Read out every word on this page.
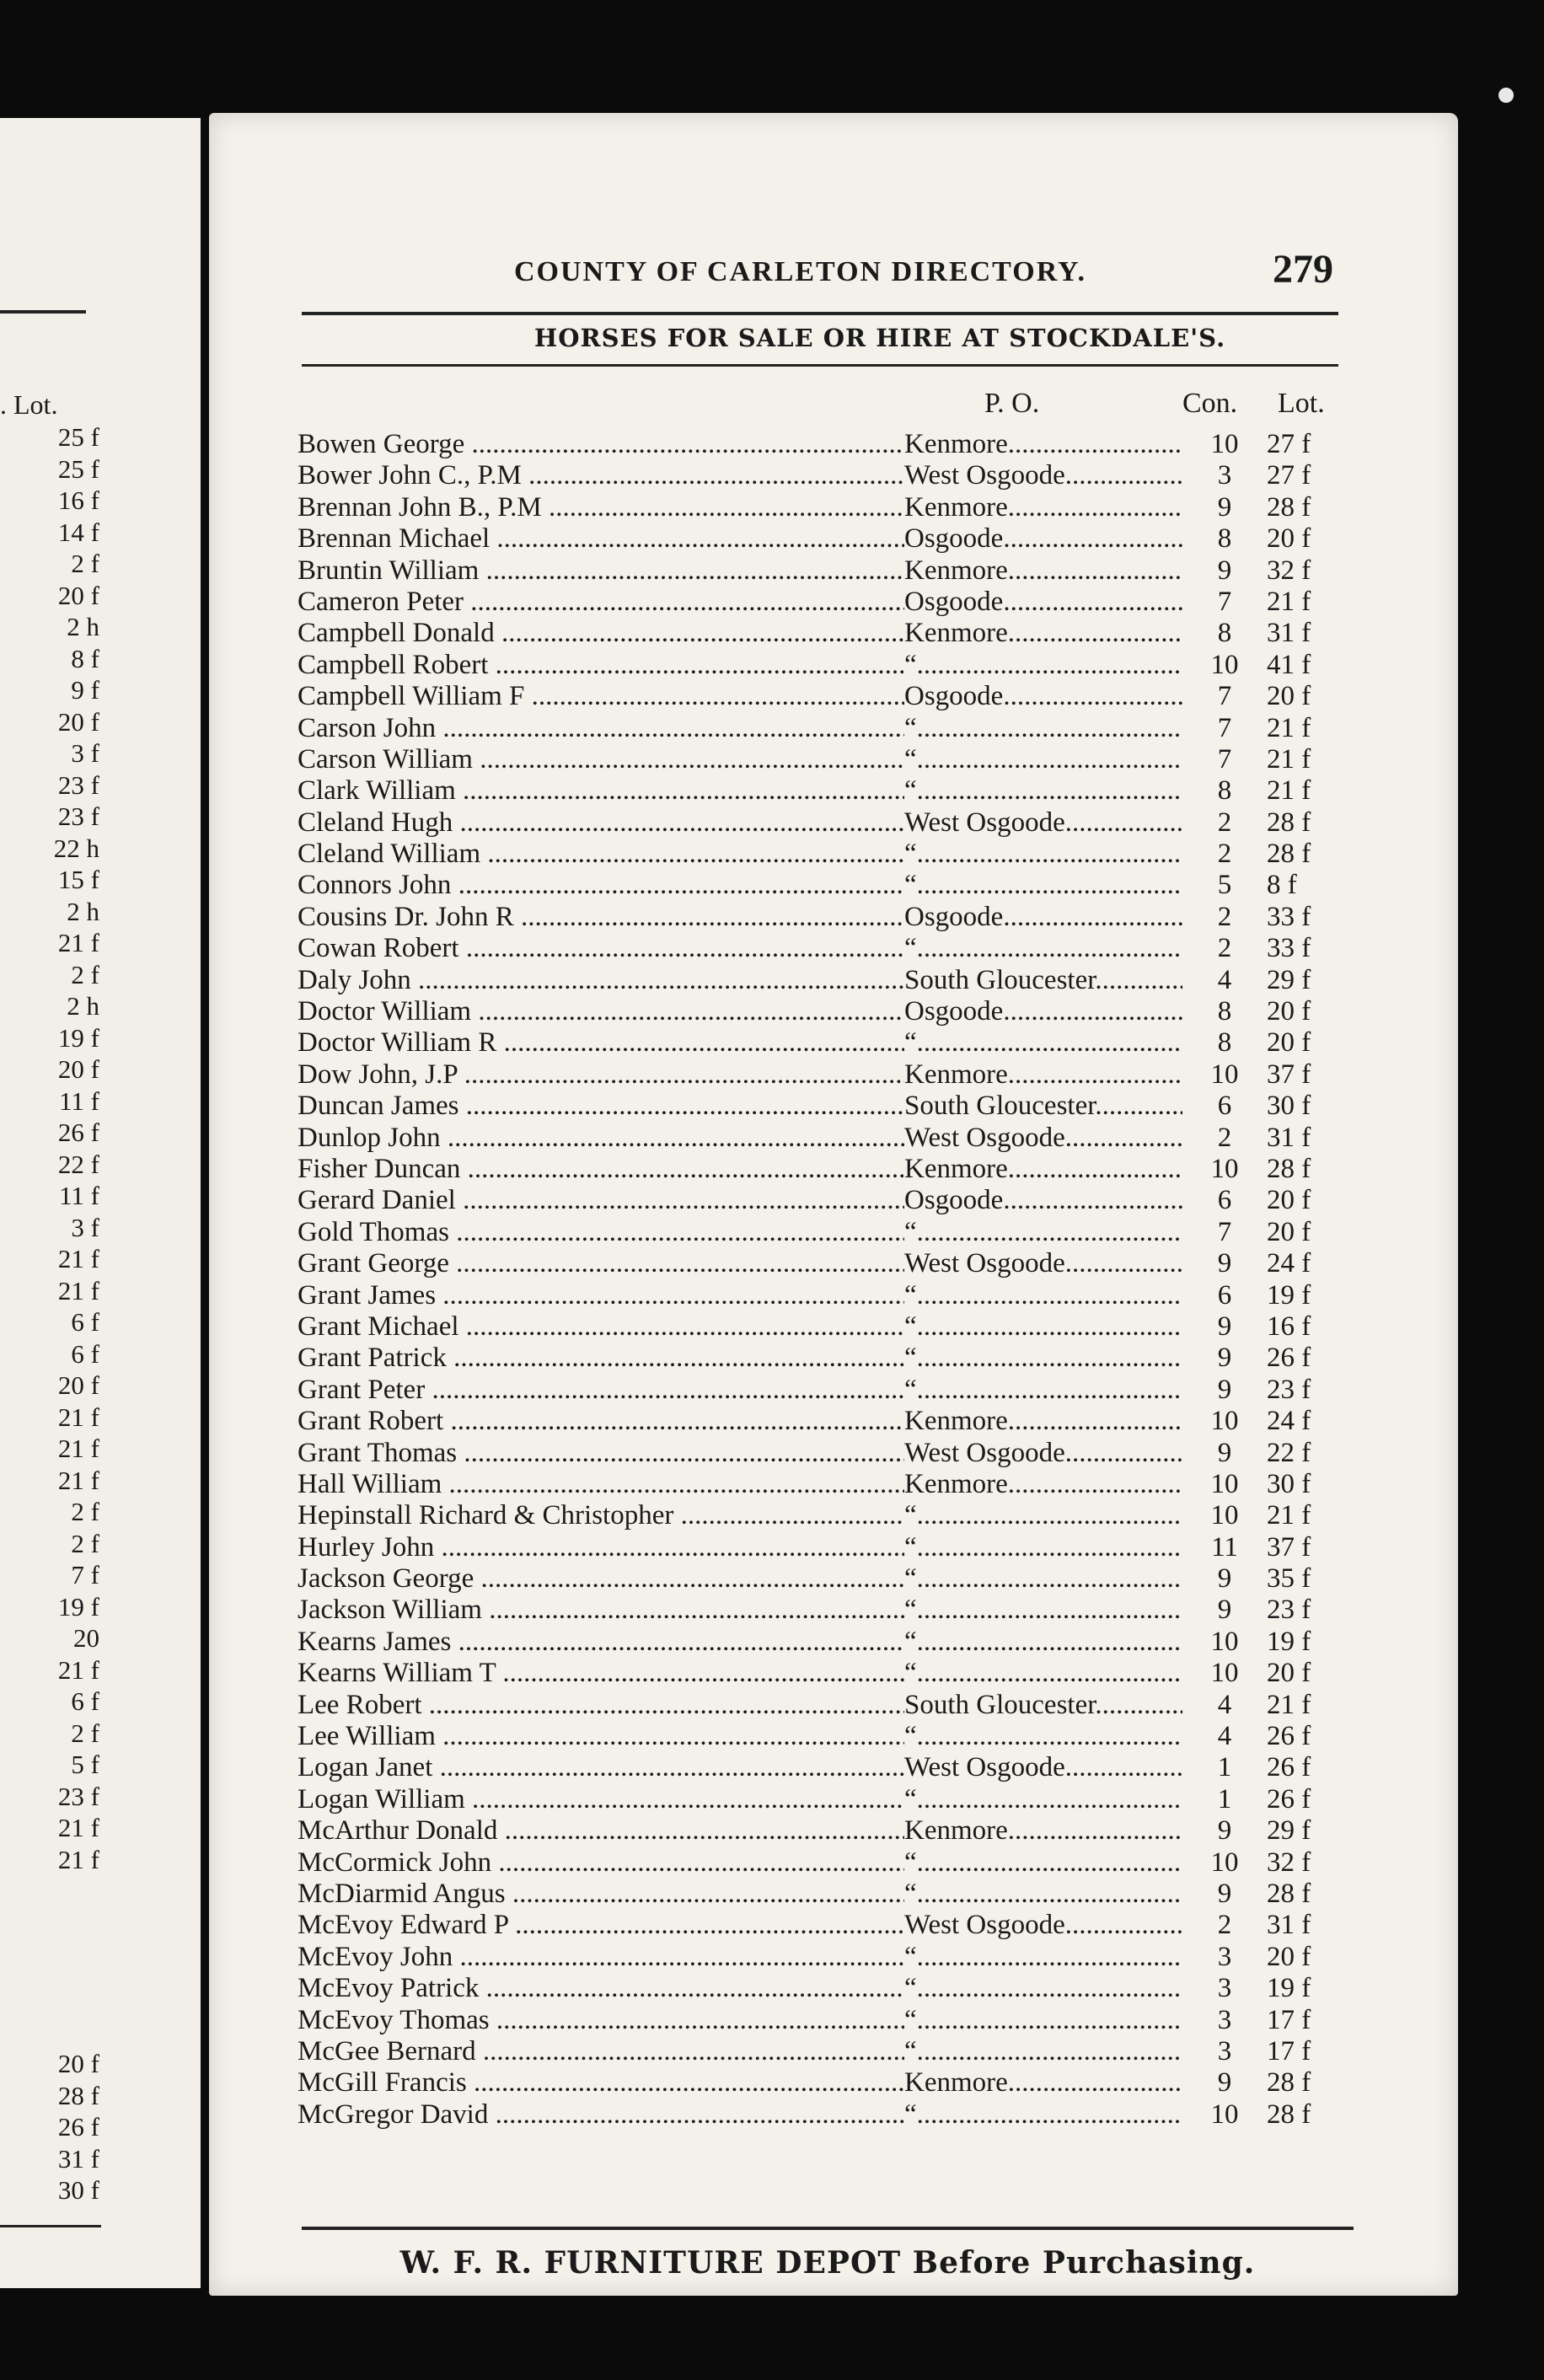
. Lot.
25 f
25 f
16 f
14 f
2 f
20 f
2 h
8 f
9 f
20 f
3 f
23 f
23 f
22 h
15 f
2 h
21 f
2 f
2 h
19 f
20 f
11 f
26 f
22 f
11 f
3 f
21 f
21 f
6 f
6 f
20 f
21 f
21 f
21 f
2 f
2 f
7 f
19 f
20
21 f
6 f
2 f
5 f
23 f
21 f
21 f
20 f
28 f
26 f
31 f
30 f
COUNTY OF CARLETON DIRECTORY.	279
HORSES FOR SALE OR HIRE AT STOCKDALE'S.
P. O.	Con. Lot.
Bowen George .....	Kenmore .....	10	27 f
Bower John C., P.M .....	West Osgoode .....	3	27 f
Brennan John B., P.M .....	Kenmore .....	9	28 f
Brennan Michael .....	Osgoode .....	8	20 f
Bruntin William .....	Kenmore .....	9	32 f
Cameron Peter .....	Osgoode .....	7	21 f
Campbell Donald .....	Kenmore .....	8	31 f
Campbell Robert .....	“ .....	10	41 f
Campbell William F .....	Osgoode .....	7	20 f
Carson John .....	“ .....	7	21 f
Carson William .....	“ .....	7	21 f
Clark William .....	“ .....	8	21 f
Cleland Hugh .....	West Osgoode .....	2	28 f
Cleland William .....	“ .....	2	28 f
Connors John .....	“ .....	5	8 f
Cousins Dr. John R .....	Osgoode .....	2	33 f
Cowan Robert .....	“ .....	2	33 f
Daly John .....	South Gloucester .....	4	29 f
Doctor William .....	Osgoode .....	8	20 f
Doctor William R .....	“ .....	8	20 f
Dow John, J.P .....	Kenmore .....	10	37 f
Duncan James .....	South Gloucester .....	6	30 f
Dunlop John .....	West Osgoode .....	2	31 f
Fisher Duncan .....	Kenmore .....	10	28 f
Gerard Daniel .....	Osgoode .....	6	20 f
Gold Thomas .....	“ .....	7	20 f
Grant George .....	West Osgoode .....	9	24 f
Grant James .....	“ .....	6	19 f
Grant Michael .....	“ .....	9	16 f
Grant Patrick .....	“ .....	9	26 f
Grant Peter .....	“ .....	9	23 f
Grant Robert .....	Kenmore .....	10	24 f
Grant Thomas .....	West Osgoode .....	9	22 f
Hall William .....	Kenmore .....	10	30 f
Hepinstall Richard & Christopher .....	“ .....	10	21 f
Hurley John .....	“ .....	11	37 f
Jackson George .....	“ .....	9	35 f
Jackson William .....	“ .....	9	23 f
Kearns James .....	“ .....	10	19 f
Kearns William T .....	“ .....	10	20 f
Lee Robert .....	South Gloucester .....	4	21 f
Lee William .....	“ .....	4	26 f
Logan Janet .....	West Osgoode .....	1	26 f
Logan William .....	“ .....	1	26 f
McArthur Donald .....	Kenmore .....	9	29 f
McCormick John .....	“ .....	10	32 f
McDiarmid Angus .....	“ .....	9	28 f
McEvoy Edward P .....	West Osgoode .....	2	31 f
McEvoy John .....	“ .....	3	20 f
McEvoy Patrick .....	“ .....	3	19 f
McEvoy Thomas .....	“ .....	3	17 f
McGee Bernard .....	“ .....	3	17 f
McGill Francis .....	Kenmore .....	9	28 f
McGregor David .....	“ .....	10	28 f
W. F. R. FURNITURE DEPOT Before Purchasing.
